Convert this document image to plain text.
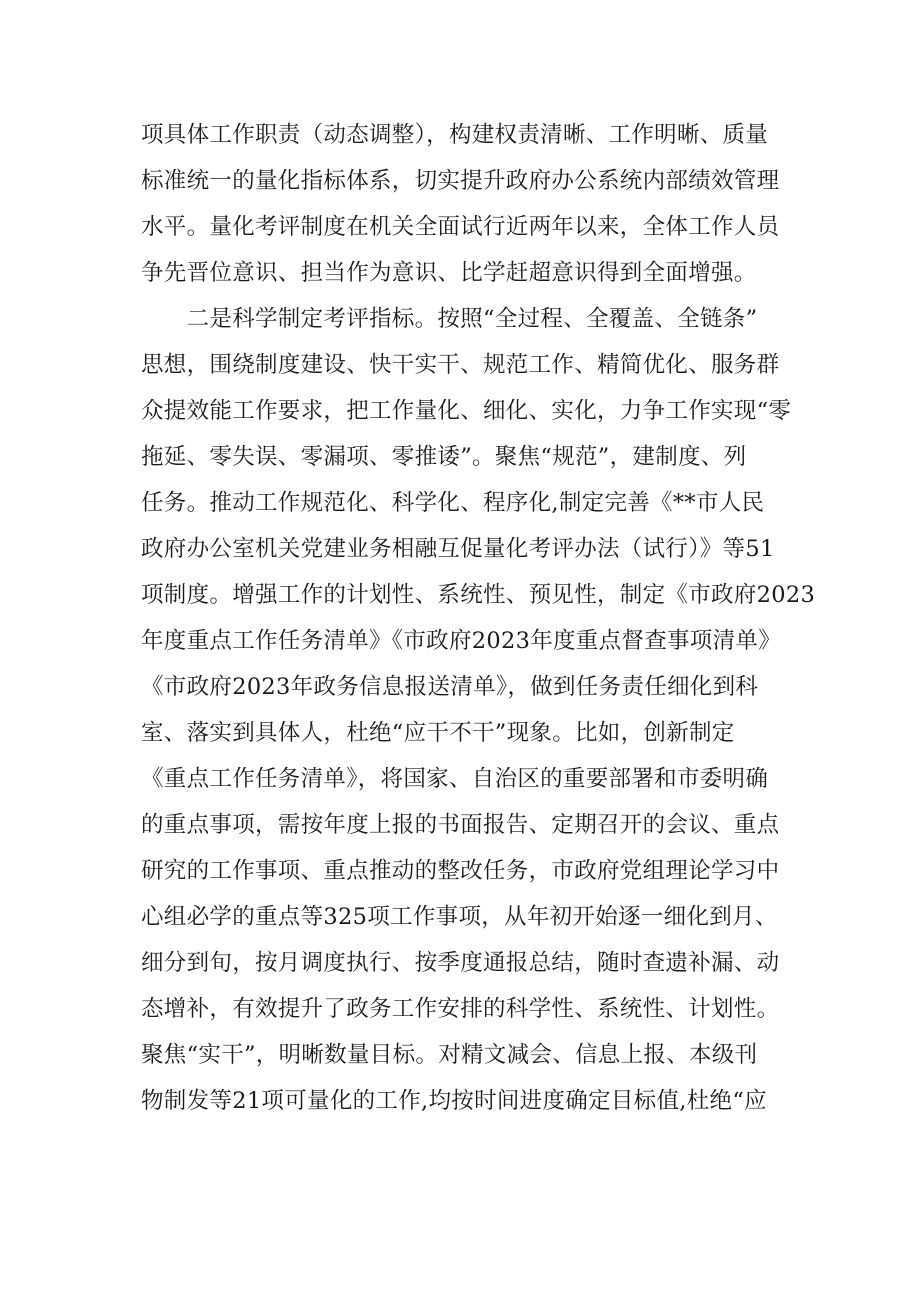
项具体工作职责（动态调整），构建权责清晰、工作明晰、质量
标准统一的量化指标体系，切实提升政府办公系统内部绩效管理
水平。量化考评制度在机关全面试行近两年以来，全体工作人员
争先晋位意识、担当作为意识、比学赶超意识得到全面增强。
　　二是科学制定考评指标。按照“全过程、全覆盖、全链条”
思想，围绕制度建设、快干实干、规范工作、精简优化、服务群
众提效能工作要求，把工作量化、细化、实化，力争工作实现“零
拖延、零失误、零漏项、零推诿”。聚焦“规范”，建制度、列
任务。推动工作规范化、科学化、程序化,制定完善《**市人民
政府办公室机关党建业务相融互促量化考评办法（试行）》等51
项制度。增强工作的计划性、系统性、预见性，制定《市政府2023
年度重点工作任务清单》《市政府2023年度重点督查事项清单》
《市政府2023年政务信息报送清单》，做到任务责任细化到科
室、落实到具体人，杜绝“应干不干”现象。比如，创新制定
《重点工作任务清单》，将国家、自治区的重要部署和市委明确
的重点事项，需按年度上报的书面报告、定期召开的会议、重点
研究的工作事项、重点推动的整改任务，市政府党组理论学习中
心组必学的重点等325项工作事项，从年初开始逐一细化到月、
细分到旬，按月调度执行、按季度通报总结，随时查遗补漏、动
态增补，有效提升了政务工作安排的科学性、系统性、计划性。
聚焦“实干”，明晰数量目标。对精文减会、信息上报、本级刊
物制发等21项可量化的工作,均按时间进度确定目标值,杜绝“应
